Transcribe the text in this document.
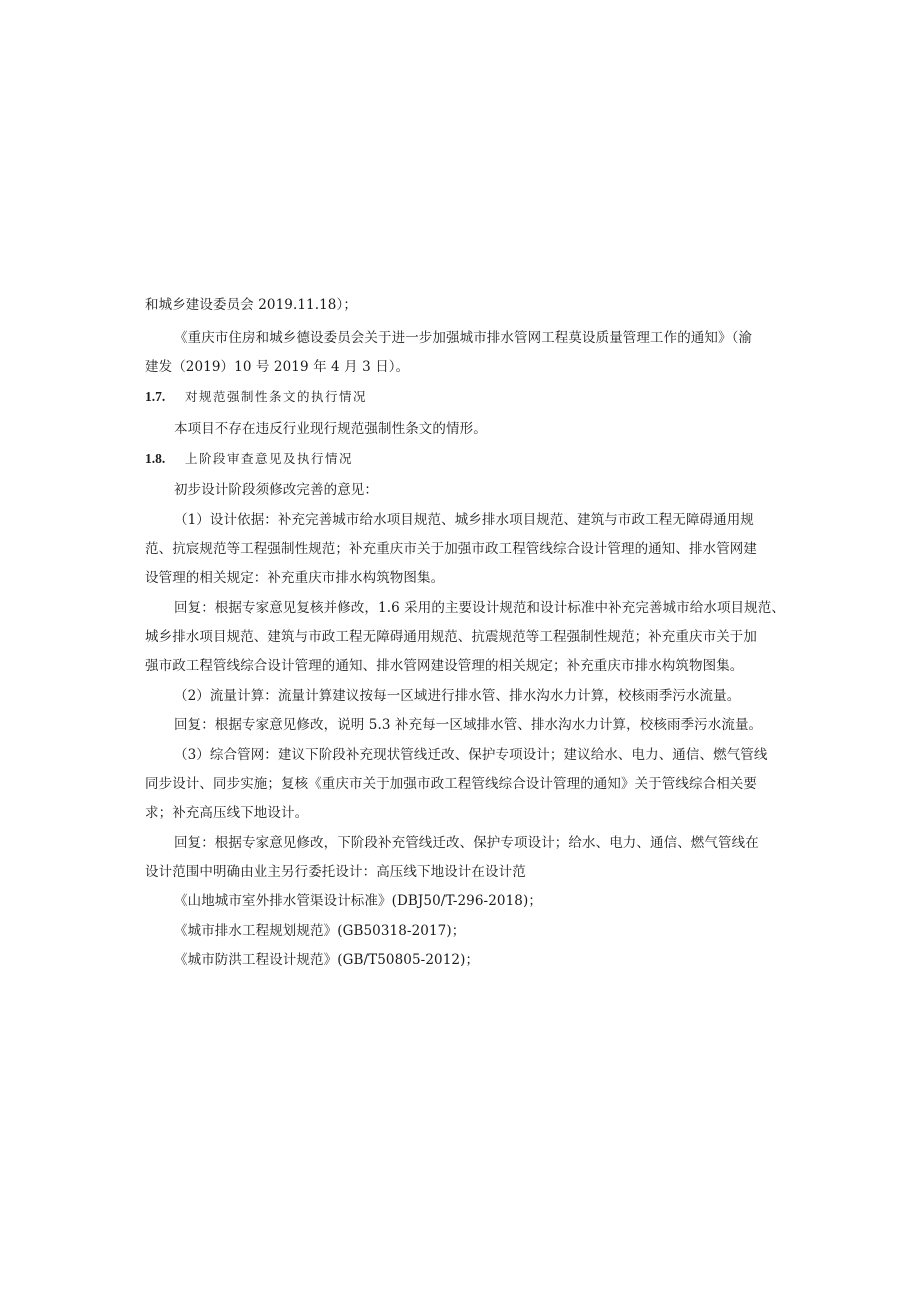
和城乡建设委员会 2019.11.18）；
《重庆市住房和城乡德设委员会关于进一步加强城市排水管网工程莫设质量管理工作的通知》（渝
建发（2019）10 号 2019 年 4 月 3 日）。
1.7. 对规范强制性条文的执行情况
本项目不存在违反行业现行规范强制性条文的情形。
1.8. 上阶段审查意见及执行情况
初步设计阶段须修改完善的意见：
（1）设计依据：补充完善城市给水项目规范、城乡排水项目规范、建筑与市政工程无障碍通用规
范、抗宸规范等工程强制性规范；补充重庆市关于加强市政工程管线综合设计管理的通知、排水管网建
设管理的相关规定：补充重庆市排水构筑物图集。
回复：根据专家意见复核并修改，1.6 采用的主要设计规范和设计标准中补充完善城市给水项目规范、
城乡排水项目规范、建筑与市政工程无障碍通用规范、抗震规范等工程强制性规范；补充重庆市关于加
强市政工程管线综合设计管理的通知、排水管网建设管理的相关规定；补充重庆市排水构筑物图集。
（2）流量计算：流量计算建议按每一区域进行排水管、排水沟水力计算，校核雨季污水流量。
回复：根据专家意见修改，说明 5.3 补充每一区域排水管、排水沟水力计算，校核雨季污水流量。
（3）综合管网：建议下阶段补充现状管线迁改、保护专项设计；建议给水、电力、通信、燃气管线
同步设计、同步实施；复核《重庆市关于加强市政工程管线综合设计管理的通知》关于管线综合相关要
求；补充高压线下地设计。
回复：根据专家意见修改，下阶段补充管线迁改、保护专项设计；给水、电力、通信、燃气管线在
设计范围中明确由业主另行委托设计：高压线下地设计在设计范
《山地城市室外排水管渠设计标准》(DBJ50/T-296-2018)；
《城市排水工程规划规范》(GB50318-2017)；
《城市防洪工程设计规范》(GB/T50805-2012)；
